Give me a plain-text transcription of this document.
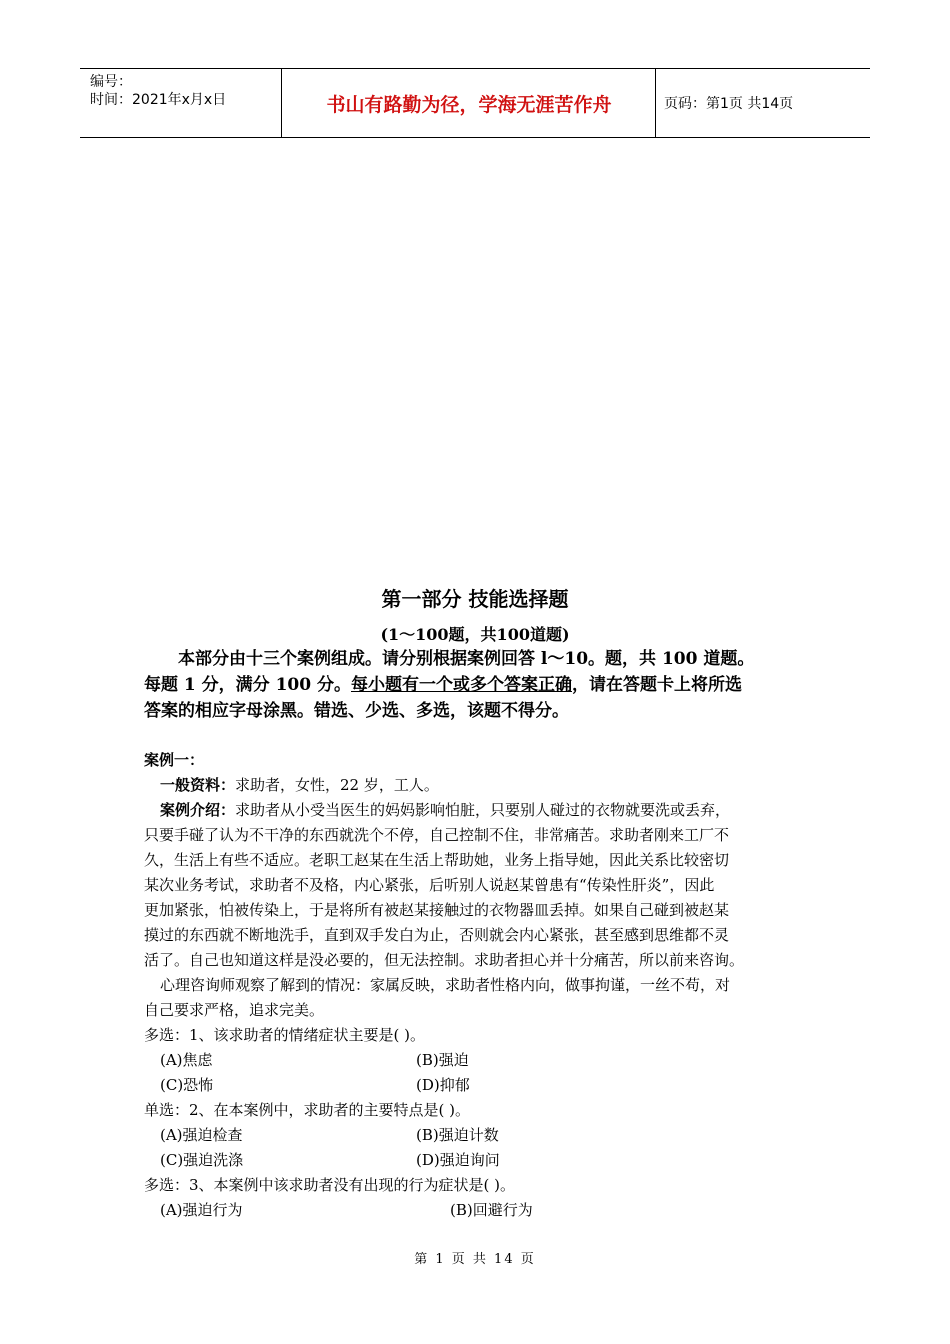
编号：
时间：2021年x月x日	书山有路勤为径，学海无涯苦作舟	页码：第1页 共14页
第一部分 技能选择题
(1～100题，共100道题)
本部分由十三个案例组成。请分别根据案例回答 l～10。题，共 100 道题。
每题 1 分，满分 100 分。每小题有一个或多个答案正确，请在答题卡上将所选
答案的相应字母涂黑。错选、少选、多选，该题不得分。

案例一：

一般资料：求助者，女性，22 岁，工人。

案例介绍：求助者从小受当医生的妈妈影响怕脏，只要别人碰过的衣物就要洗或丢弃，

只要手碰了认为不干净的东西就洗个不停，自己控制不住，非常痛苦。求助者刚来工厂不

久，生活上有些不适应。老职工赵某在生活上帮助她，业务上指导她，因此关系比较密切

某次业务考试，求助者不及格，内心紧张，后听别人说赵某曾患有“传染性肝炎”，因此

更加紧张，怕被传染上，于是将所有被赵某接触过的衣物器皿丢掉。如果自己碰到被赵某

摸过的东西就不断地洗手，直到双手发白为止，否则就会内心紧张，甚至感到思维都不灵

活了。自己也知道这样是没必要的，但无法控制。求助者担心并十分痛苦，所以前来咨询。

心理咨询师观察了解到的情况：家属反映，求助者性格内向，做事拘谨，一丝不苟，对

自己要求严格，追求完美。

多选：1、该求助者的情绪症状主要是( )。

(A)焦虑	(B)强迫
(C)恐怖	(D)抑郁

单选：2、在本案例中，求助者的主要特点是( )。

(A)强迫检查	(B)强迫计数
(C)强迫洗涤	(D)强迫询问

多选：3、本案例中该求助者没有出现的行为症状是( )。

(A)强迫行为	(B)回避行为
第 1 页 共 14 页
